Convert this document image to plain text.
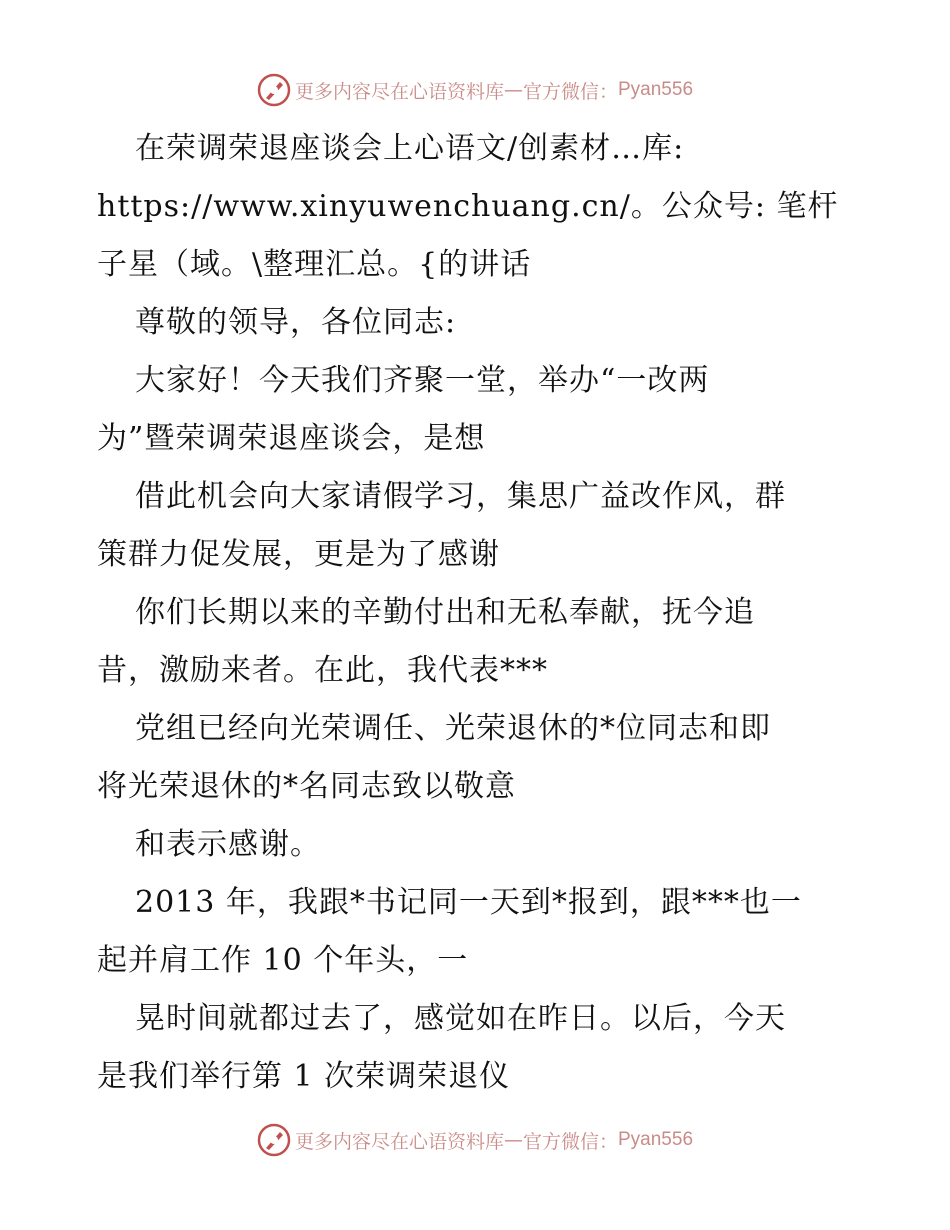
更多内容尽在心语资料库 — 官方微信： Pyan556

在荣调荣退座谈会上心语文/创素材…库:
https://www.xinyuwenchuang.cn/。公众号: 笔杆
子星（域。\整理汇总。{的讲话

尊敬的领导，各位同志:

大家好！今天我们齐聚一堂，举办“一改两
为”暨荣调荣退座谈会，是想

借此机会向大家请假学习，集思广益改作风，群
策群力促发展，更是为了感谢

你们长期以来的辛勤付出和无私奉献，抚今追
昔，激励来者。在此，我代表***

党组已经向光荣调任、光荣退休的*位同志和即
将光荣退休的*名同志致以敬意

和表示感谢。

2013 年，我跟*书记同一天到*报到，跟***也一
起并肩工作 10 个年头，一

晃时间就都过去了，感觉如在昨日。以后，今天
是我们举行第 1 次荣调荣退仪

更多内容尽在心语资料库 — 官方微信： Pyan556
